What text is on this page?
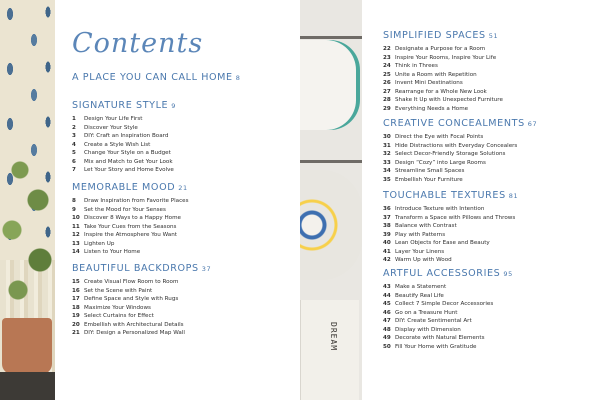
DREAM
Contents
A PLACE YOU CAN CALL HOME 8
SIGNATURE STYLE 9
1 Design Your Life First
2 Discover Your Style
3 DIY: Craft an Inspiration Board
4 Create a Style Wish List
5 Change Your Style on a Budget
6 Mix and Match to Get Your Look
7 Let Your Story and Home Evolve
MEMORABLE MOOD 21
8 Draw Inspiration from Favorite Places
9 Set the Mood for Your Senses
10 Discover 8 Ways to a Happy Home
11 Take Your Cues from the Seasons
12 Inspire the Atmosphere You Want
13 Lighten Up
14 Listen to Your Home
BEAUTIFUL BACKDROPS 37
15 Create Visual Flow Room to Room
16 Set the Scene with Paint
17 Define Space and Style with Rugs
18 Maximize Your Windows
19 Select Curtains for Effect
20 Embellish with Architectural Details
21 DIY: Design a Personalized Map Wall
SIMPLIFIED SPACES 51
22 Designate a Purpose for a Room
23 Inspire Your Rooms, Inspire Your Life
24 Think in Threes
25 Unite a Room with Repetition
26 Invent Mini Destinations
27 Rearrange for a Whole New Look
28 Shake It Up with Unexpected Furniture
29 Everything Needs a Home
CREATIVE CONCEALMENTS 67
30 Direct the Eye with Focal Points
31 Hide Distractions with Everyday Concealers
32 Select Decor-Friendly Storage Solutions
33 Design “Cozy” into Large Rooms
34 Streamline Small Spaces
35 Embellish Your Furniture
TOUCHABLE TEXTURES 81
36 Introduce Texture with Intention
37 Transform a Space with Pillows and Throws
38 Balance with Contrast
39 Play with Patterns
40 Lean Objects for Ease and Beauty
41 Layer Your Linens
42 Warm Up with Wood
ARTFUL ACCESSORIES 95
43 Make a Statement
44 Beautify Real Life
45 Collect 7 Simple Decor Accessories
46 Go on a Treasure Hunt
47 DIY: Create Sentimental Art
48 Display with Dimension
49 Decorate with Natural Elements
50 Fill Your Home with Gratitude
